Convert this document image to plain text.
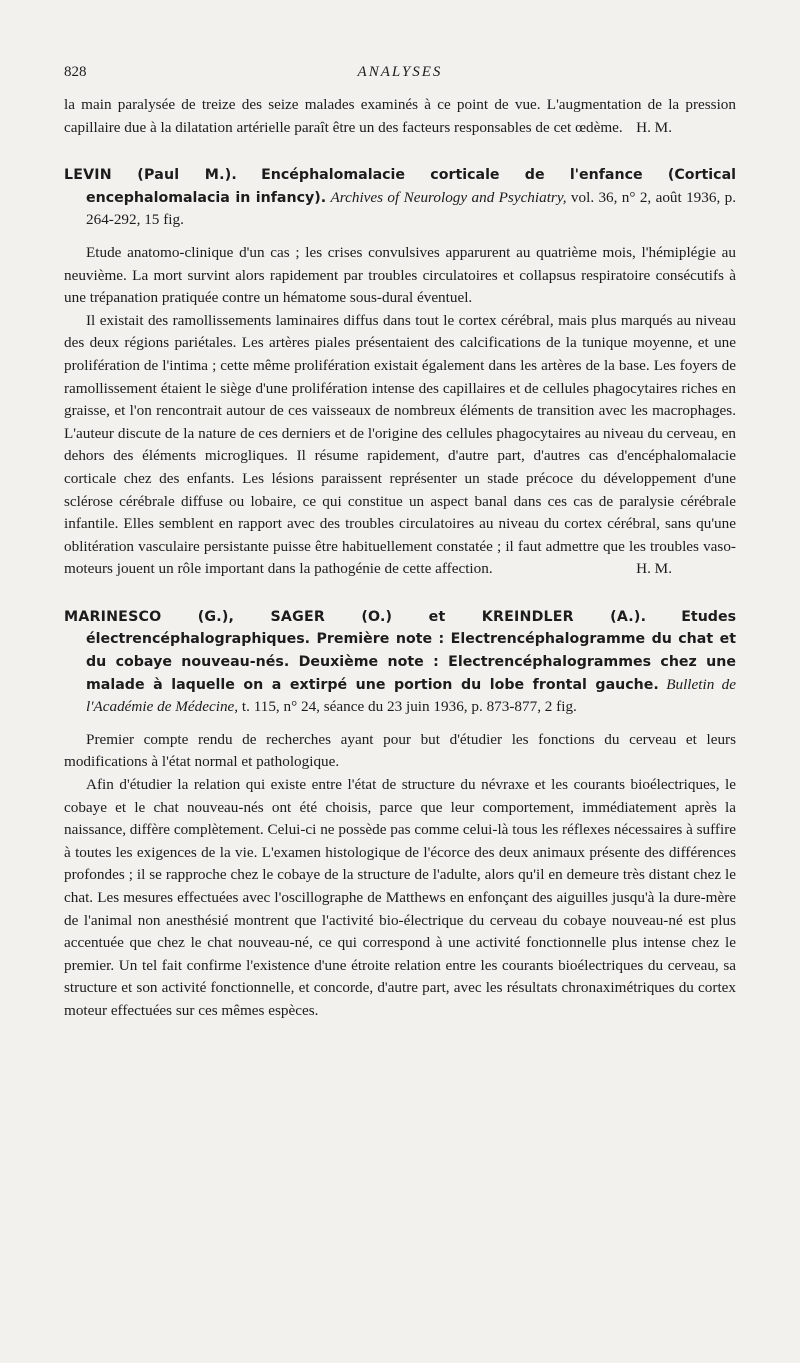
828	ANALYSES

la main paralysée de treize des seize malades examinés à ce point de vue. L'augmentation de la pression capillaire due à la dilatation artérielle paraît être un des facteurs responsables de cet œdème. H. M.

LEVIN (Paul M.). Encéphalomalacie corticale de l'enfance (Cortical encephalomalacia in infancy). Archives of Neurology and Psychiatry, vol. 36, n° 2, août 1936, p. 264-292, 15 fig.

Etude anatomo-clinique d'un cas ; les crises convulsives apparurent au quatrième mois, l'hémiplégie au neuvième. La mort survint alors rapidement par troubles circulatoires et collapsus respiratoire consécutifs à une trépanation pratiquée contre un hématome sous-dural éventuel.

Il existait des ramollissements laminaires diffus dans tout le cortex cérébral, mais plus marqués au niveau des deux régions pariétales. Les artères piales présentaient des calcifications de la tunique moyenne, et une prolifération de l'intima ; cette même prolifération existait également dans les artères de la base. Les foyers de ramollissement étaient le siège d'une prolifération intense des capillaires et de cellules phagocytaires riches en graisse, et l'on rencontrait autour de ces vaisseaux de nombreux éléments de transition avec les macrophages. L'auteur discute de la nature de ces derniers et de l'origine des cellules phagocytaires au niveau du cerveau, en dehors des éléments microgliques. Il résume rapidement, d'autre part, d'autres cas d'encéphalomalacie corticale chez des enfants. Les lésions paraissent représenter un stade précoce du développement d'une sclérose cérébrale diffuse ou lobaire, ce qui constitue un aspect banal dans ces cas de paralysie cérébrale infantile. Elles semblent en rapport avec des troubles circulatoires au niveau du cortex cérébral, sans qu'une oblitération vasculaire persistante puisse être habituellement constatée ; il faut admettre que les troubles vaso-moteurs jouent un rôle important dans la pathogénie de cette affection.	H. M.

MARINESCO (G.), SAGER (O.) et KREINDLER (A.). Etudes électrencéphalographiques. Première note : Electrencéphalogramme du chat et du cobaye nouveau-nés. Deuxième note : Electrencéphalogrammes chez une malade à laquelle on a extirpé une portion du lobe frontal gauche. Bulletin de l'Académie de Médecine, t. 115, n° 24, séance du 23 juin 1936, p. 873-877, 2 fig.

Premier compte rendu de recherches ayant pour but d'étudier les fonctions du cerveau et leurs modifications à l'état normal et pathologique.

Afin d'étudier la relation qui existe entre l'état de structure du névraxe et les courants bioélectriques, le cobaye et le chat nouveau-nés ont été choisis, parce que leur comportement, immédiatement après la naissance, diffère complètement. Celui-ci ne possède pas comme celui-là tous les réflexes nécessaires à suffire à toutes les exigences de la vie. L'examen histologique de l'écorce des deux animaux présente des différences profondes ; il se rapproche chez le cobaye de la structure de l'adulte, alors qu'il en demeure très distant chez le chat. Les mesures effectuées avec l'oscillographe de Matthews en enfonçant des aiguilles jusqu'à la dure-mère de l'animal non anesthésié montrent que l'activité bio-électrique du cerveau du cobaye nouveau-né est plus accentuée que chez le chat nouveau-né, ce qui correspond à une activité fonctionnelle plus intense chez le premier. Un tel fait confirme l'existence d'une étroite relation entre les courants bioélectriques du cerveau, sa structure et son activité fonctionnelle, et concorde, d'autre part, avec les résultats chronaximétriques du cortex moteur effectuées sur ces mêmes espèces.
